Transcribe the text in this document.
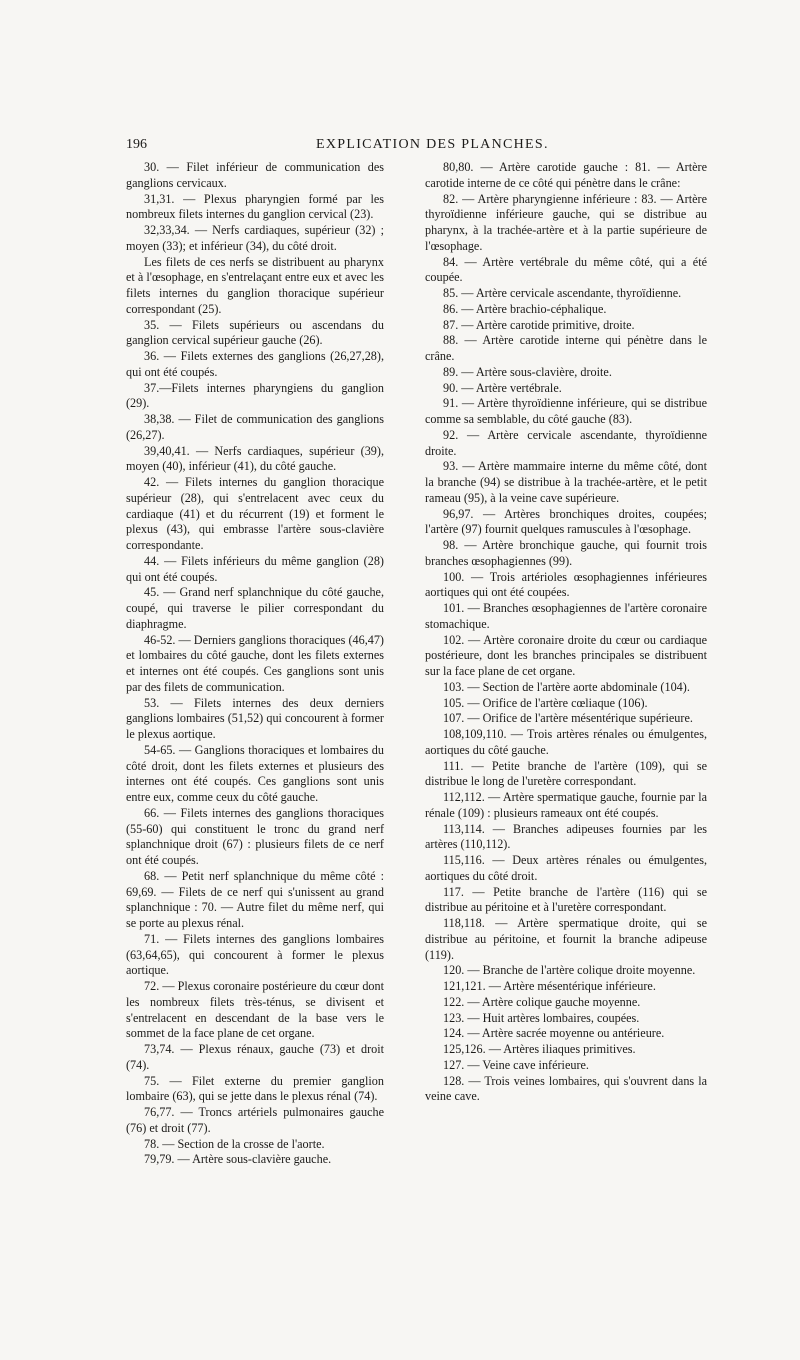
196	EXPLICATION DES PLANCHES.

30. — Filet inférieur de communication des ganglions cervicaux.

31,31. — Plexus pharyngien formé par les nombreux filets internes du ganglion cervical (23).

32,33,34. — Nerfs cardiaques, supérieur (32) ; moyen (33); et inférieur (34), du côté droit.

Les filets de ces nerfs se distribuent au pharynx et à l'œsophage, en s'entrelaçant entre eux et avec les filets internes du ganglion thoracique supérieur correspondant (25).

35. — Filets supérieurs ou ascendans du ganglion cervical supérieur gauche (26).

36. — Filets externes des ganglions (26,27,28), qui ont été coupés.

37.—Filets internes pharyngiens du ganglion (29).

38,38. — Filet de communication des ganglions (26,27).

39,40,41. — Nerfs cardiaques, supérieur (39), moyen (40), inférieur (41), du côté gauche.

42. — Filets internes du ganglion thoracique supérieur (28), qui s'entrelacent avec ceux du cardiaque (41) et du récurrent (19) et forment le plexus (43), qui embrasse l'artère sous-clavière correspondante.

44. — Filets inférieurs du même ganglion (28) qui ont été coupés.

45. — Grand nerf splanchnique du côté gauche, coupé, qui traverse le pilier correspondant du diaphragme.

46-52. — Derniers ganglions thoraciques (46,47) et lombaires du côté gauche, dont les filets externes et internes ont été coupés. Ces ganglions sont unis par des filets de communication.

53. — Filets internes des deux derniers ganglions lombaires (51,52) qui concourent à former le plexus aortique.

54-65. — Ganglions thoraciques et lombaires du côté droit, dont les filets externes et plusieurs des internes ont été coupés. Ces ganglions sont unis entre eux, comme ceux du côté gauche.

66. — Filets internes des ganglions thoraciques (55-60) qui constituent le tronc du grand nerf splanchnique droit (67) : plusieurs filets de ce nerf ont été coupés.

68. — Petit nerf splanchnique du même côté : 69,69. — Filets de ce nerf qui s'unissent au grand splanchnique : 70. — Autre filet du même nerf, qui se porte au plexus rénal.

71. — Filets internes des ganglions lombaires (63,64,65), qui concourent à former le plexus aortique.

72. — Plexus coronaire postérieure du cœur dont les nombreux filets très-ténus, se divisent et s'entrelacent en descendant de la base vers le sommet de la face plane de cet organe.

73,74. — Plexus rénaux, gauche (73) et droit (74).

75. — Filet externe du premier ganglion lombaire (63), qui se jette dans le plexus rénal (74).

76,77. — Troncs artériels pulmonaires gauche (76) et droit (77).

78. — Section de la crosse de l'aorte.

79,79. — Artère sous-clavière gauche.

80,80. — Artère carotide gauche : 81. — Artère carotide interne de ce côté qui pénètre dans le crâne:

82. — Artère pharyngienne inférieure : 83. — Artère thyroïdienne inférieure gauche, qui se distribue au pharynx, à la trachée-artère et à la partie supérieure de l'œsophage.

84. — Artère vertébrale du même côté, qui a été coupée.

85. — Artère cervicale ascendante, thyroïdienne.

86. — Artère brachio-céphalique.

87. — Artère carotide primitive, droite.

88. — Artère carotide interne qui pénètre dans le crâne.

89. — Artère sous-clavière, droite.

90. — Artère vertébrale.

91. — Artère thyroïdienne inférieure, qui se distribue comme sa semblable, du côté gauche (83).

92. — Artère cervicale ascendante, thyroïdienne droite.

93. — Artère mammaire interne du même côté, dont la branche (94) se distribue à la trachée-artère, et le petit rameau (95), à la veine cave supérieure.

96,97. — Artères bronchiques droites, coupées; l'artère (97) fournit quelques ramuscules à l'œsophage.

98. — Artère bronchique gauche, qui fournit trois branches œsophagiennes (99).

100. — Trois artérioles œsophagiennes inférieures aortiques qui ont été coupées.

101. — Branches œsophagiennes de l'artère coronaire stomachique.

102. — Artère coronaire droite du cœur ou cardiaque postérieure, dont les branches principales se distribuent sur la face plane de cet organe.

103. — Section de l'artère aorte abdominale (104).

105. — Orifice de l'artère cœliaque (106).

107. — Orifice de l'artère mésentérique supérieure.

108,109,110. — Trois artères rénales ou émulgentes, aortiques du côté gauche.

111. — Petite branche de l'artère (109), qui se distribue le long de l'uretère correspondant.

112,112. — Artère spermatique gauche, fournie par la rénale (109) : plusieurs rameaux ont été coupés.

113,114. — Branches adipeuses fournies par les artères (110,112).

115,116. — Deux artères rénales ou émulgentes, aortiques du côté droit.

117. — Petite branche de l'artère (116) qui se distribue au péritoine et à l'uretère correspondant.

118,118. — Artère spermatique droite, qui se distribue au péritoine, et fournit la branche adipeuse (119).

120. — Branche de l'artère colique droite moyenne.

121,121. — Artère mésentérique inférieure.

122. — Artère colique gauche moyenne.

123. — Huit artères lombaires, coupées.

124. — Artère sacrée moyenne ou antérieure.

125,126. — Artères iliaques primitives.

127. — Veine cave inférieure.

128. — Trois veines lombaires, qui s'ouvrent dans la veine cave.
